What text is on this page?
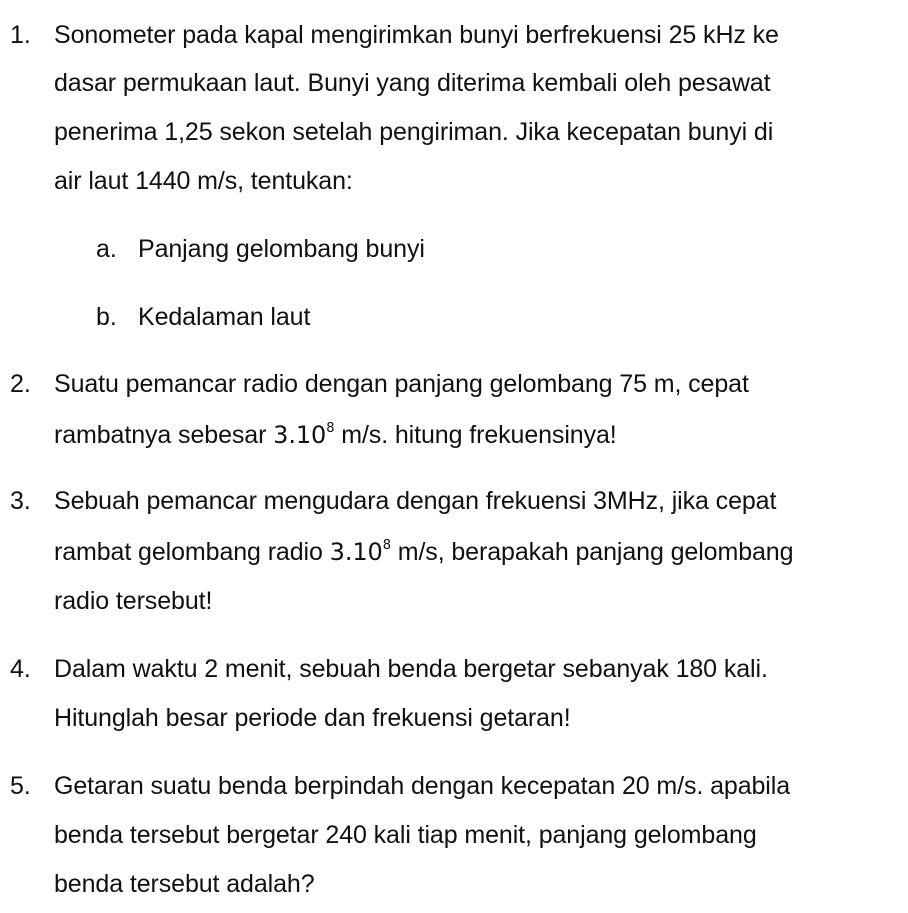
1. Sonometer pada kapal mengirimkan bunyi berfrekuensi 25 kHz ke
dasar permukaan laut. Bunyi yang diterima kembali oleh pesawat
penerima 1,25 sekon setelah pengiriman. Jika kecepatan bunyi di
air laut 1440 m/s, tentukan:
a. Panjang gelombang bunyi
b. Kedalaman laut
2. Suatu pemancar radio dengan panjang gelombang 75 m, cepat
rambatnya sebesar 3.10$^8$ m/s. hitung frekuensinya!
3. Sebuah pemancar mengudara dengan frekuensi 3MHz, jika cepat
rambat gelombang radio 3.10$^8$ m/s, berapakah panjang gelombang
radio tersebut!
4. Dalam waktu 2 menit, sebuah benda bergetar sebanyak 180 kali.
Hitunglah besar periode dan frekuensi getaran!
5. Getaran suatu benda berpindah dengan kecepatan 20 m/s. apabila
benda tersebut bergetar 240 kali tiap menit, panjang gelombang
benda tersebut adalah?
